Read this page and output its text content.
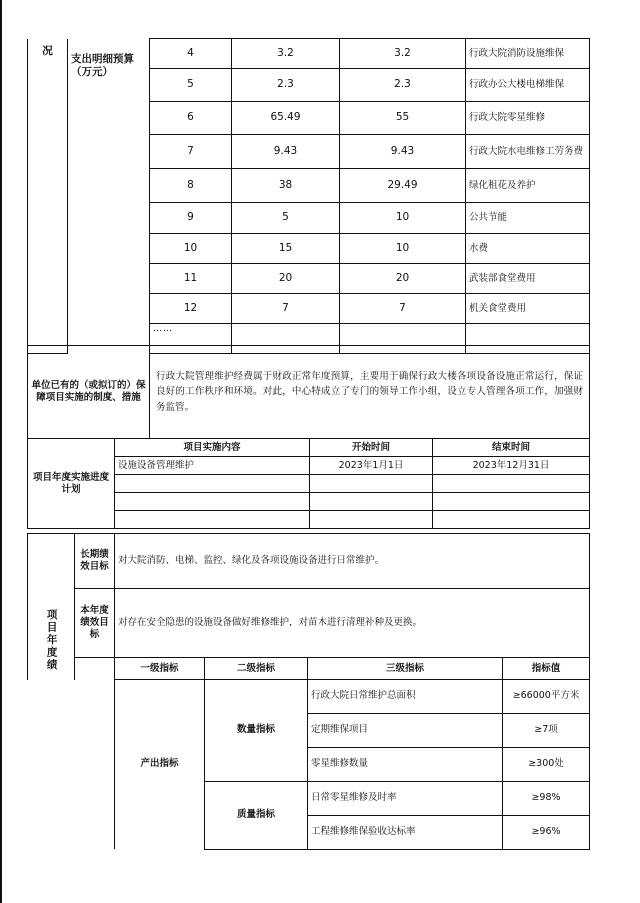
况	支出明细预算（万元）	4	3.2	3.2	行政大院消防设施维保
		5	2.3	2.3	行政办公大楼电梯维保
		6	65.49	55	行政大院零星维修
		7	9.43	9.43	行政大院水电维修工劳务费
		8	38	29.49	绿化租花及养护
		9	5	10	公共节能
		10	15	10	水费
		11	20	20	武装部食堂费用
		12	7	7	机关食堂费用
		……			
单位已有的（或拟订的）保障项目实施的制度、措施	行政大院管理维护经费属于财政正常年度预算，主要用于确保行政大楼各项设备设施正常运行，保证良好的工作秩序和环境。对此，中心特成立了专门的领导工作小组，设立专人管理各项工作，加强财务监管。
项目年度实施进度计划	项目实施内容	开始时间	结束时间
	设施设备管理维护	2023年1月1日	2023年12月31日

项目年度绩	长期绩效目标	对大院消防、电梯、监控、绿化及各项设施设备进行日常维护。			
	本年度绩效目标	对存在安全隐患的设施设备做好维修维护，对苗木进行清理补种及更换。			
		一级指标	二级指标	三级指标	指标值

产出指标	数量指标	行政大院日常维护总面积	≥66000平方米
		定期维保项目	≥7项
		零星维修数量	≥300处
	质量指标	日常零星维修及时率	≥98%
		工程维修维保验收达标率	≥96%
